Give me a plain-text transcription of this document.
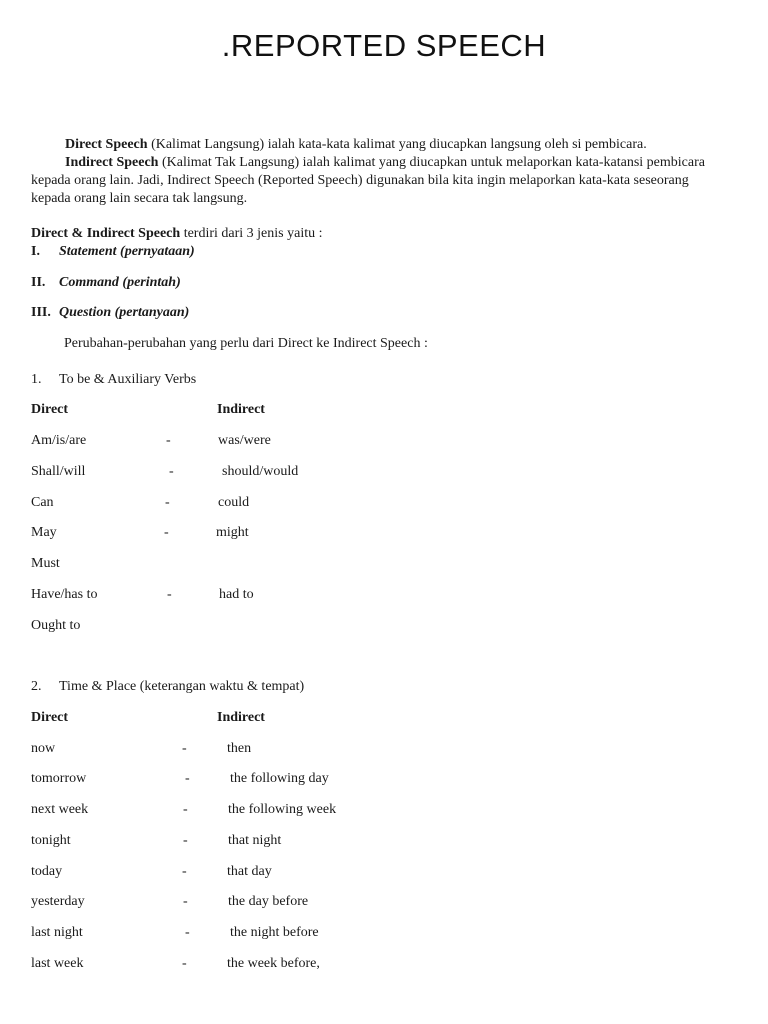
.REPORTED SPEECH

Direct Speech (Kalimat Langsung) ialah kata-kata kalimat yang diucapkan langsung oleh si pembicara.

Indirect Speech (Kalimat Tak Langsung) ialah kalimat yang diucapkan untuk melaporkan kata-katansi pembicara kepada orang lain. Jadi, Indirect Speech (Reported Speech) digunakan bila kita ingin melaporkan kata-kata seseorang kepada orang lain secara tak langsung.

Direct & Indirect Speech terdiri dari 3 jenis yaitu :
I. Statement (pernyataan)
II. Command (perintah)
III. Question (pertanyaan)
Perubahan-perubahan yang perlu dari Direct ke Indirect Speech :
1. To be & Auxiliary Verbs
Direct	Indirect
Am/is/are	-	was/were
Shall/will	-	should/would
Can	-	could
May	-	might
Must
Have/has to	-	had to
Ought to
2. Time & Place (keterangan waktu & tempat)
Direct	Indirect
now	-	then
tomorrow	-	the following day
next week	-	the following week
tonight	-	that night
today	-	that day
yesterday	-	the day before
last night	-	the night before
last week	-	the week before,
